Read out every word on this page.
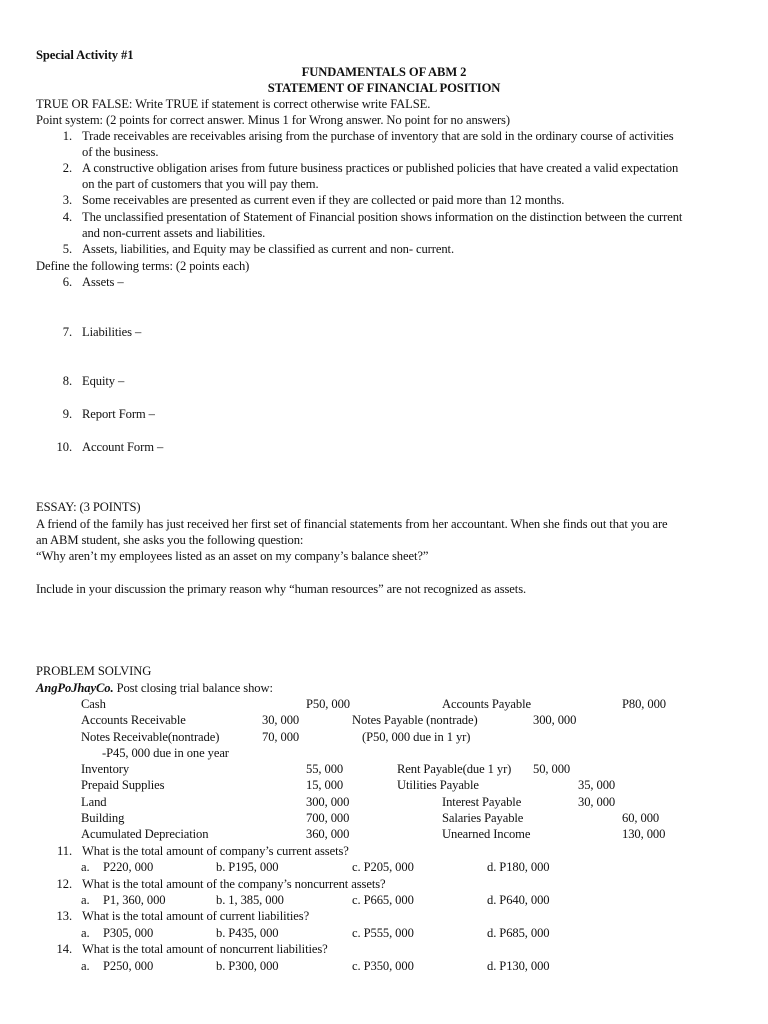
Special Activity #1
FUNDAMENTALS OF ABM 2
STATEMENT OF FINANCIAL POSITION
TRUE OR FALSE: Write TRUE if statement is correct otherwise write FALSE.
Point system: (2 points for correct answer. Minus 1 for Wrong answer. No point for no answers)
1. Trade receivables are receivables arising from the purchase of inventory that are sold in the ordinary course of activities
of the business.
2. A constructive obligation arises from future business practices or published policies that have created a valid expectation
on the part of customers that you will pay them.
3. Some receivables are presented as current even if they are collected or paid more than 12 months.
4. The unclassified presentation of Statement of Financial position shows information on the distinction between the current
and non-current assets and liabilities.
5. Assets, liabilities, and Equity may be classified as current and non- current.
Define the following terms: (2 points each)
6. Assets –
7. Liabilities –
8. Equity –
9. Report Form –
10. Account Form –
ESSAY: (3 POINTS)
A friend of the family has just received her first set of financial statements from her accountant. When she finds out that you are
an ABM student, she asks you the following question:
“Why aren’t my employees listed as an asset on my company’s balance sheet?”
Include in your discussion the primary reason why “human resources” are not recognized as assets.
PROBLEM SOLVING
AngPoJhayCo. Post closing trial balance show:
Cash	P50, 000	Accounts Payable	P80, 000
Accounts Receivable	30, 000	Notes Payable (nontrade)	300, 000
Notes Receivable(nontrade)	70, 000	(P50, 000 due in 1 yr)
-P45, 000 due in one year
Inventory	55, 000	Rent Payable(due 1 yr) 50, 000
Prepaid Supplies	15, 000	Utilities Payable	35, 000
Land	300, 000	Interest Payable	30, 000
Building	700, 000	Salaries Payable	60, 000
Acumulated Depreciation	360, 000	Unearned Income	130, 000
11. What is the total amount of company’s current assets?
a. P220, 000	b. P195, 000	c. P205, 000	d. P180, 000
12. What is the total amount of the company’s noncurrent assets?
a. P1, 360, 000	b. 1, 385, 000	c. P665, 000	d. P640, 000
13. What is the total amount of current liabilities?
a. P305, 000	b. P435, 000	c. P555, 000	d. P685, 000
14. What is the total amount of noncurrent liabilities?
a. P250, 000	b. P300, 000	c. P350, 000	d. P130, 000
